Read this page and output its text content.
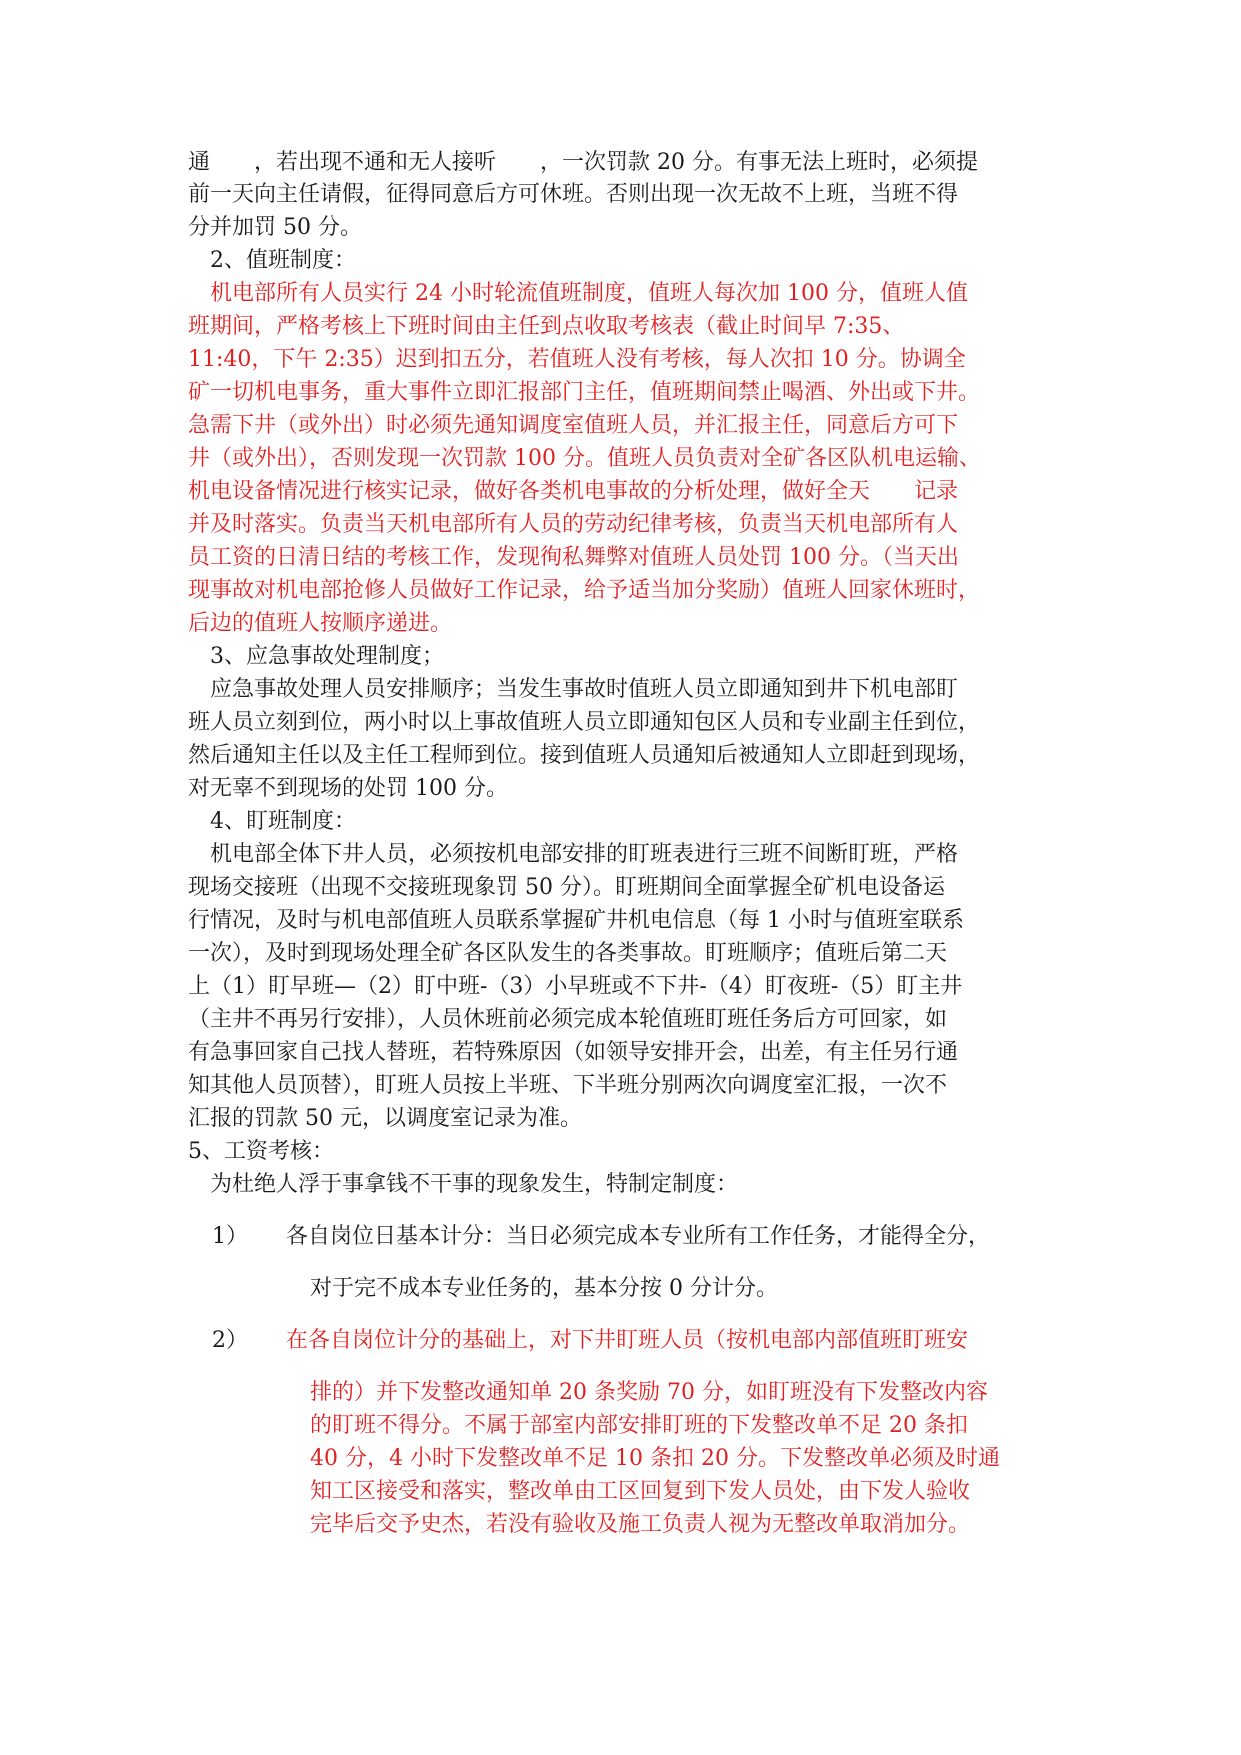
通　　，若出现不通和无人接听　　，一次罚款 20 分。有事无法上班时，必须提
前一天向主任请假，征得同意后方可休班。否则出现一次无故不上班，当班不得
分并加罚 50 分。
2、值班制度：
机电部所有人员实行 24 小时轮流值班制度，值班人每次加 100 分，值班人值
班期间，严格考核上下班时间由主任到点收取考核表（截止时间早 7:35、
11:40，下午 2:35）迟到扣五分，若值班人没有考核，每人次扣 10 分。协调全
矿一切机电事务，重大事件立即汇报部门主任，值班期间禁止喝酒、外出或下井。
急需下井（或外出）时必须先通知调度室值班人员，并汇报主任，同意后方可下
井（或外出），否则发现一次罚款 100 分。值班人员负责对全矿各区队机电运输、
机电设备情况进行核实记录，做好各类机电事故的分析处理，做好全天　　记录
并及时落实。负责当天机电部所有人员的劳动纪律考核，负责当天机电部所有人
员工资的日清日结的考核工作，发现徇私舞弊对值班人员处罚 100 分。（当天出
现事故对机电部抢修人员做好工作记录，给予适当加分奖励）值班人回家休班时，
后边的值班人按顺序递进。
3、应急事故处理制度；
应急事故处理人员安排顺序；当发生事故时值班人员立即通知到井下机电部盯
班人员立刻到位，两小时以上事故值班人员立即通知包区人员和专业副主任到位，
然后通知主任以及主任工程师到位。接到值班人员通知后被通知人立即赶到现场，
对无辜不到现场的处罚 100 分。
4、盯班制度：
机电部全体下井人员，必须按机电部安排的盯班表进行三班不间断盯班，严格
现场交接班（出现不交接班现象罚 50 分）。盯班期间全面掌握全矿机电设备运
行情况，及时与机电部值班人员联系掌握矿井机电信息（每 1 小时与值班室联系
一次），及时到现场处理全矿各区队发生的各类事故。盯班顺序；值班后第二天
上（1）盯早班—（2）盯中班-（3）小早班或不下井-（4）盯夜班-（5）盯主井
（主井不再另行安排），人员休班前必须完成本轮值班盯班任务后方可回家，如
有急事回家自己找人替班，若特殊原因（如领导安排开会，出差，有主任另行通
知其他人员顶替），盯班人员按上半班、下半班分别两次向调度室汇报，一次不
汇报的罚款 50 元，以调度室记录为准。
5、工资考核：
为杜绝人浮于事拿钱不干事的现象发生，特制定制度：
1） 各自岗位日基本计分：当日必须完成本专业所有工作任务，才能得全分，
对于完不成本专业任务的，基本分按 0 分计分。
2） 在各自岗位计分的基础上，对下井盯班人员（按机电部内部值班盯班安
排的）并下发整改通知单 20 条奖励 70 分，如盯班没有下发整改内容
的盯班不得分。不属于部室内部安排盯班的下发整改单不足 20 条扣
40 分，4 小时下发整改单不足 10 条扣 20 分。下发整改单必须及时通
知工区接受和落实，整改单由工区回复到下发人员处，由下发人验收
完毕后交予史杰，若没有验收及施工负责人视为无整改单取消加分。
